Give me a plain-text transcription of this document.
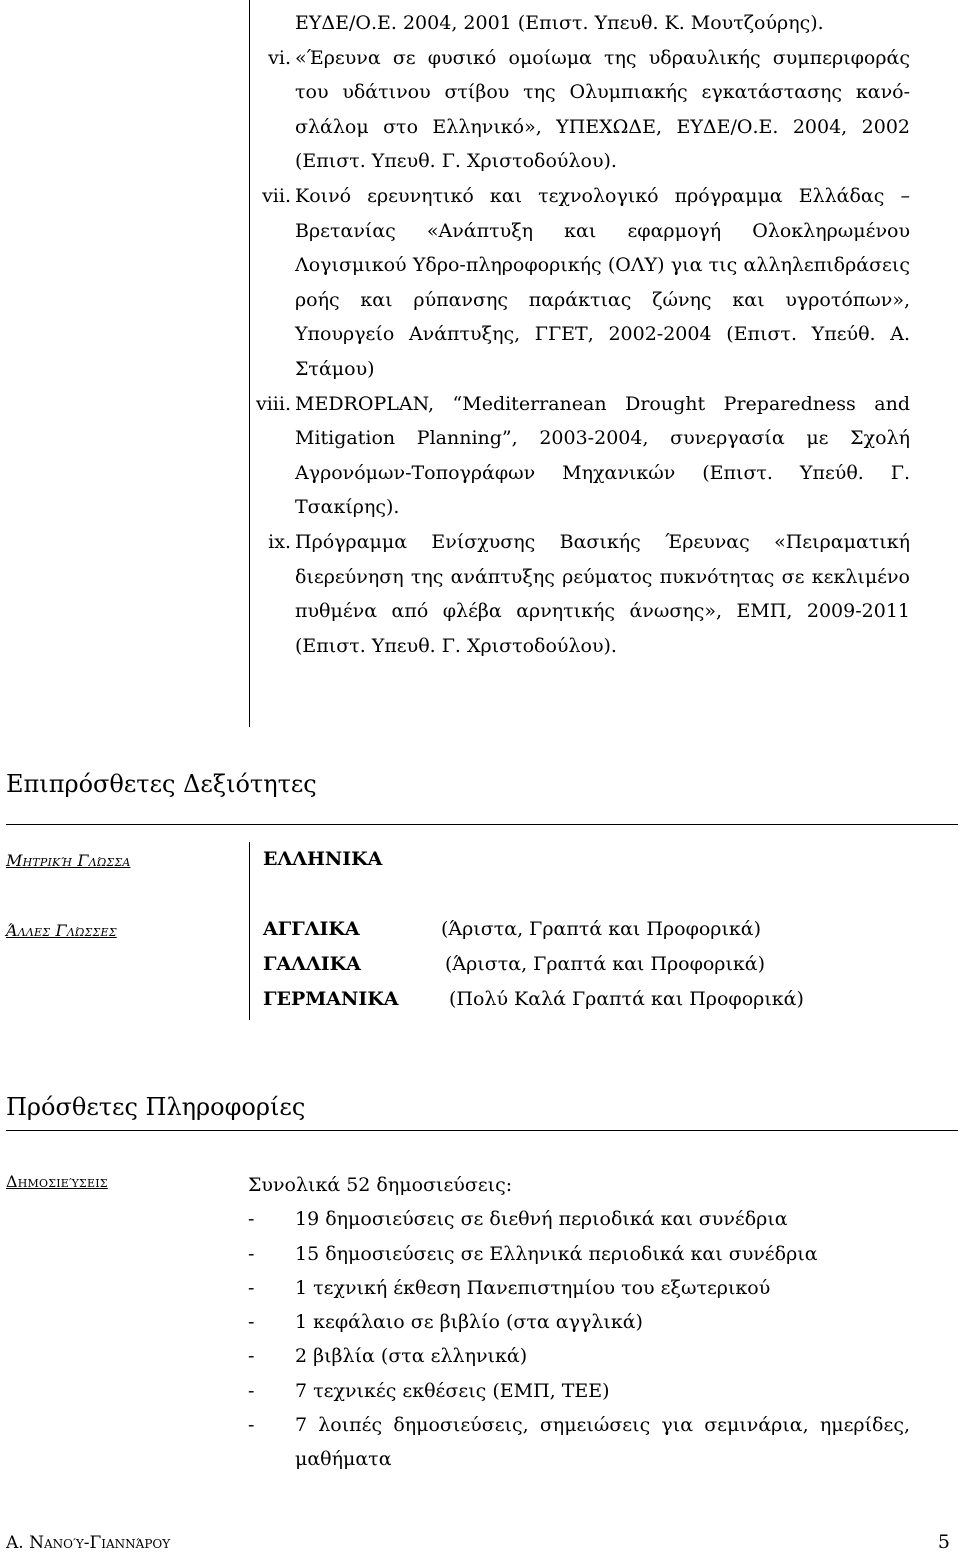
ΕΥΔΕ/Ο.Ε. 2004, 2001 (Επιστ. Υπευθ. Κ. Μουτζούρης).
vi. «Έρευνα σε φυσικό ομοίωμα της υδραυλικής συμπεριφοράς του υδάτινου στίβου της Ολυμπιακής εγκατάστασης κανό-σλάλομ στο Ελληνικό», ΥΠΕΧΩΔΕ, ΕΥΔΕ/Ο.Ε. 2004, 2002 (Επιστ. Υπευθ. Γ. Χριστοδούλου).
vii. Κοινό ερευνητικό και τεχνολογικό πρόγραμμα Ελλάδας – Βρετανίας «Ανάπτυξη και εφαρμογή Ολοκληρωμένου Λογισμικού Υδρο-πληροφορικής (ΟΛΥ) για τις αλληλεπιδράσεις ροής και ρύπανσης παράκτιας ζώνης και υγροτόπων», Υπουργείο Ανάπτυξης, ΓΓΕΤ, 2002-2004 (Επιστ. Υπεύθ. Α. Στάμου)
viii. MEDROPLAN, “Mediterranean Drought Preparedness and Mitigation Planning”, 2003-2004, συνεργασία με Σχολή Αγρονόμων-Τοπογράφων Μηχανικών (Επιστ. Υπεύθ. Γ. Τσακίρης).
ix. Πρόγραμμα Ενίσχυσης Βασικής Έρευνας «Πειραματική διερεύνηση της ανάπτυξης ρεύματος πυκνότητας σε κεκλιμένο πυθμένα από φλέβα αρνητικής άνωσης», ΕΜΠ, 2009-2011 (Επιστ. Υπευθ. Γ. Χριστοδούλου).
Επιπρόσθετες Δεξιότητες
Μητρική Γλώσσα	ΕΛΛΗΝΙΚΑ
Άλλες Γλώσσες	ΑΓΓΛΙΚΑ	(Άριστα, Γραπτά και Προφορικά)
ΓΑΛΛΙΚΑ	(Άριστα, Γραπτά και Προφορικά)
ΓΕΡΜΑΝΙΚΑ	(Πολύ Καλά Γραπτά και Προφορικά)
Πρόσθετες Πληροφορίες
Δημοσιεύσεις	Συνολικά 52 δημοσιεύσεις:
- 19 δημοσιεύσεις σε διεθνή περιοδικά και συνέδρια
- 15 δημοσιεύσεις σε Ελληνικά περιοδικά και συνέδρια
- 1 τεχνική έκθεση Πανεπιστημίου του εξωτερικού
- 1 κεφάλαιο σε βιβλίο (στα αγγλικά)
- 2 βιβλία (στα ελληνικά)
- 7 τεχνικές εκθέσεις (ΕΜΠ, ΤΕΕ)
- 7 λοιπές δημοσιεύσεις, σημειώσεις για σεμινάρια, ημερίδες, μαθήματα
Α. Νανού-Γιαννάρου	5
